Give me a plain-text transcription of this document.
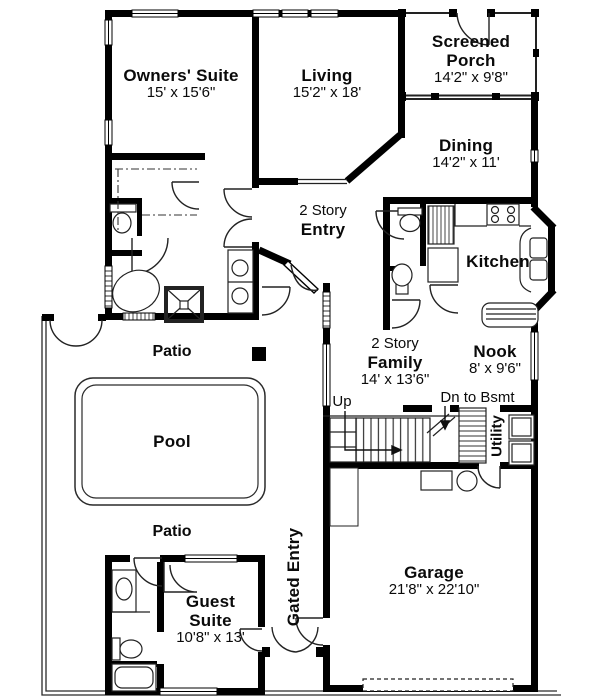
Owners' Suite
15' x 15'6"
Living
15'2" x 18'
Screened
Porch
14'2" x 9'8"
Dining
14'2" x 11'
2 Story
Entry
Kitchen
2 Story
Family
14' x 13'6"
Nook
8' x 9'6"
Garage
21'8" x 22'10"
Guest
Suite
10'8" x 13'
Pool
Patio
Patio
Up	Dn to Bsmt
Utility
Gated Entry
